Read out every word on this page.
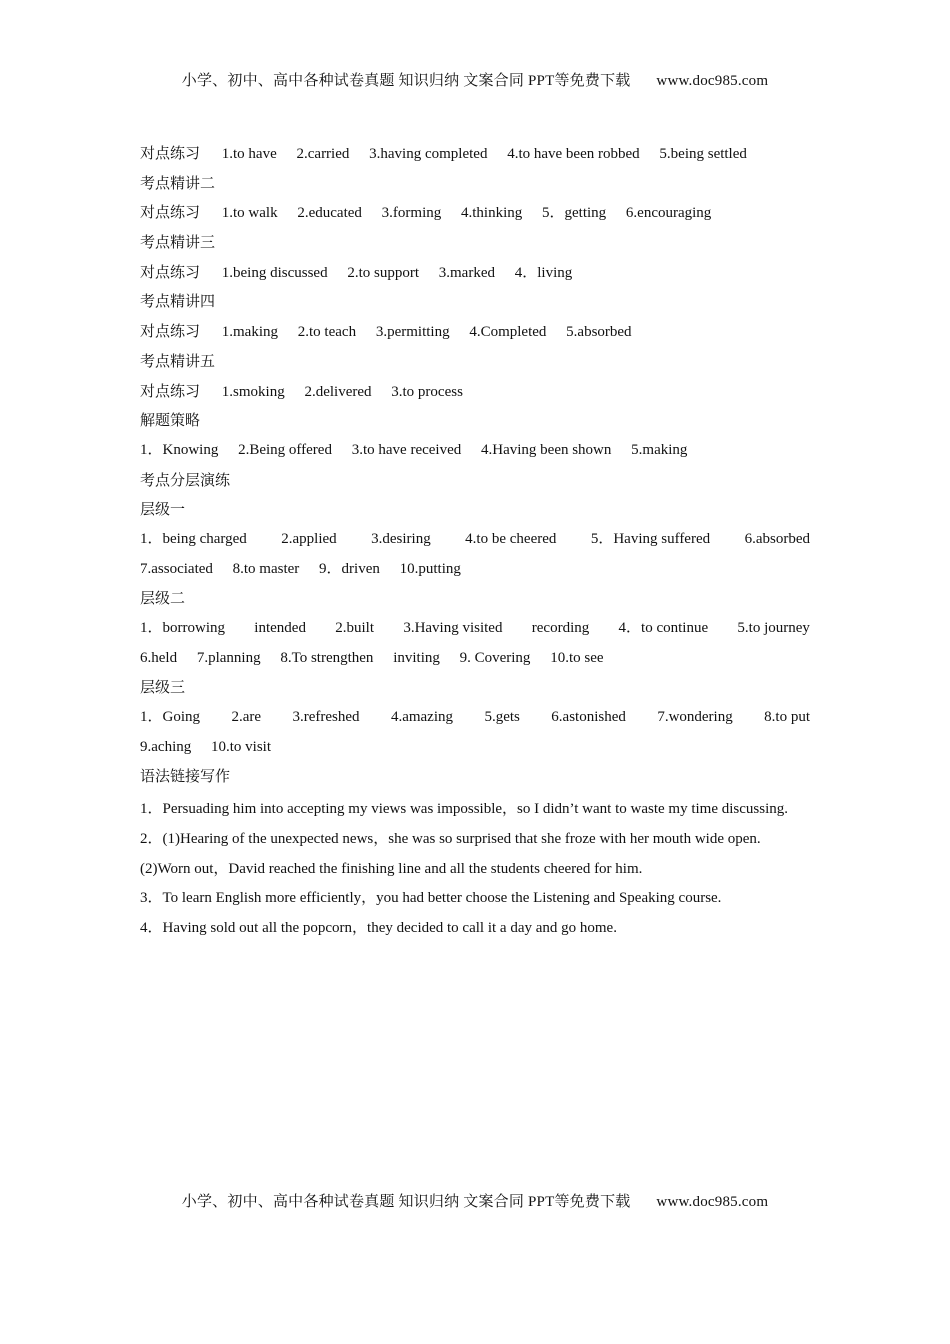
小学、初中、高中各种试卷真题 知识归纳 文案合同 PPT等免费下载 www.doc985.com
对点练习 1.to have 2.carried 3.having completed 4.to have been robbed 5.being settled
考点精讲二
对点练习 1.to walk 2.educated 3.forming 4.thinking 5．getting 6.encouraging
考点精讲三
对点练习 1.being discussed 2.to support 3.marked 4．living
考点精讲四
对点练习 1.making 2.to teach 3.permitting 4.Completed 5.absorbed
考点精讲五
对点练习 1.smoking 2.delivered 3.to process
解题策略
1．Knowing 2.Being offered 3.to have received 4.Having been shown 5.making
考点分层演练
层级一
1．being charged 2.applied 3.desiring 4.to be cheered 5．Having suffered 6.absorbed
7.associated 8.to master 9．driven 10.putting
层级二
1．borrowing intended 2.built 3.Having visited recording 4．to continue 5.to journey
6.held 7.planning 8.To strengthen inviting 9. Covering 10.to see
层级三
1．Going 2.are 3.refreshed 4.amazing 5.gets 6.astonished 7.wondering 8.to put
9.aching 10.to visit
语法链接写作
1．Persuading him into accepting my views was impossible，so I didn’t want to waste my time discussing.
2．(1)Hearing of the unexpected news，she was so surprised that she froze with her mouth wide open.
(2)Worn out，David reached the finishing line and all the students cheered for him.
3．To learn English more efficiently，you had better choose the Listening and Speaking course.
4．Having sold out all the popcorn，they decided to call it a day and go home.
小学、初中、高中各种试卷真题 知识归纳 文案合同 PPT等免费下载 www.doc985.com
